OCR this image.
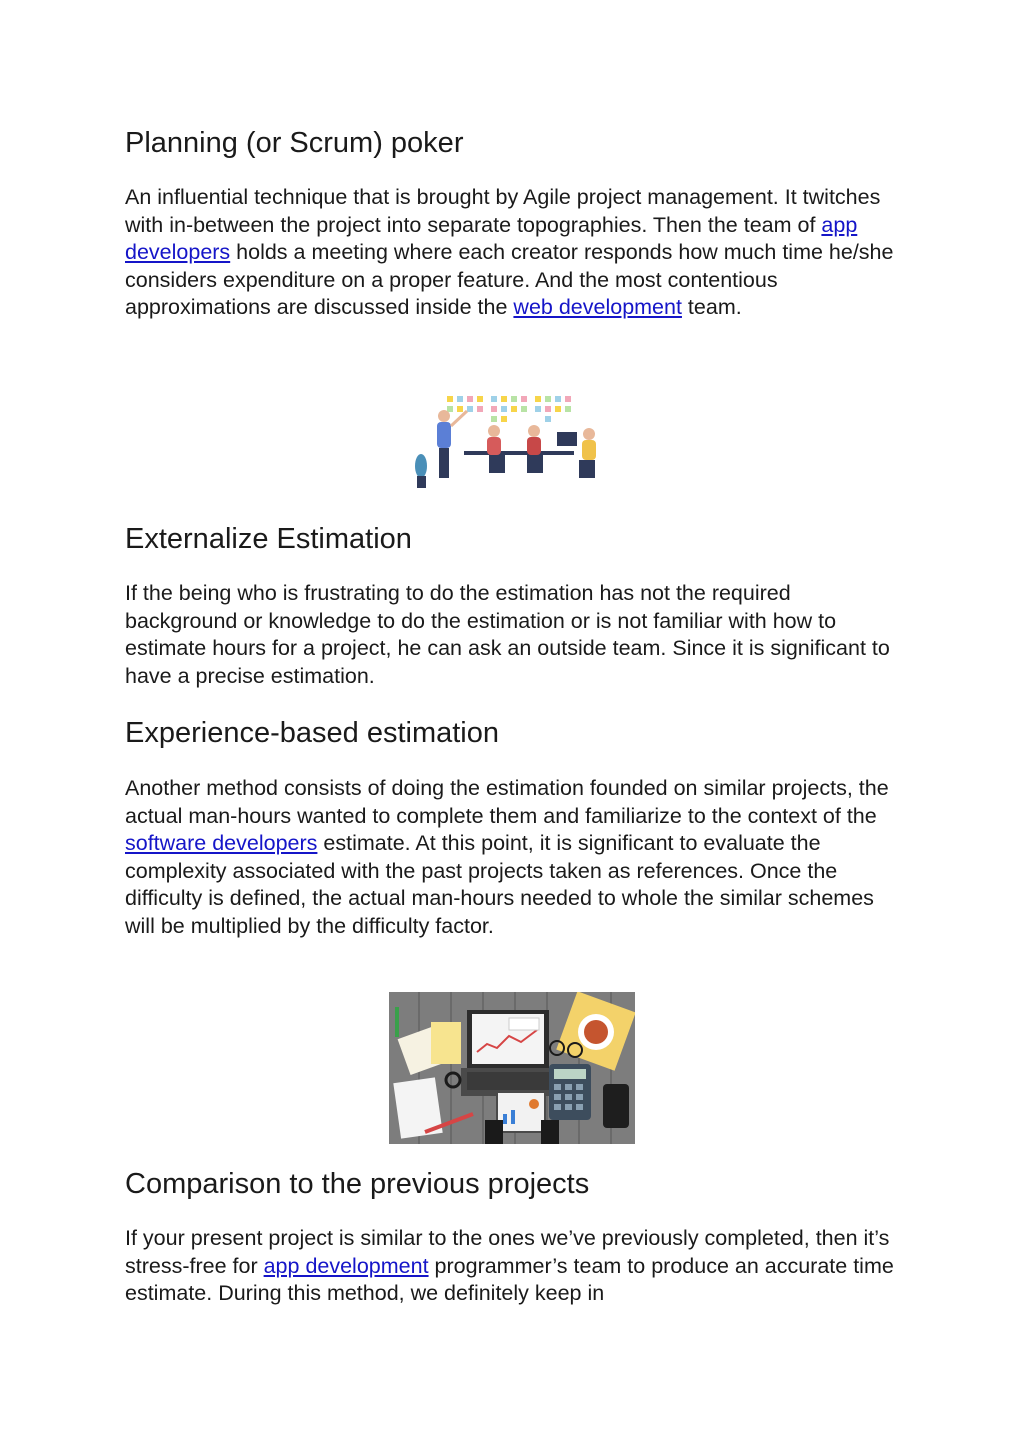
Planning (or Scrum) poker

An influential technique that is brought by Agile project management. It twitches with in-between the project into separate topographies. Then the team of app developers holds a meeting where each creator responds how much time he/she considers expenditure on a proper feature. And the most contentious approximations are discussed inside the web development team.

Externalize Estimation

If the being who is frustrating to do the estimation has not the required background or knowledge to do the estimation or is not familiar with how to estimate hours for a project, he can ask an outside team. Since it is significant to have a precise estimation.

Experience-based estimation

Another method consists of doing the estimation founded on similar projects, the actual man-hours wanted to complete them and familiarize to the context of the software developers estimate. At this point, it is significant to evaluate the complexity associated with the past projects taken as references. Once the difficulty is defined, the actual man-hours needed to whole the similar schemes will be multiplied by the difficulty factor.

Comparison to the previous projects

If your present project is similar to the ones we’ve previously completed, then it’s stress-free for app development programmer’s team to produce an accurate time estimate. During this method, we definitely keep in
